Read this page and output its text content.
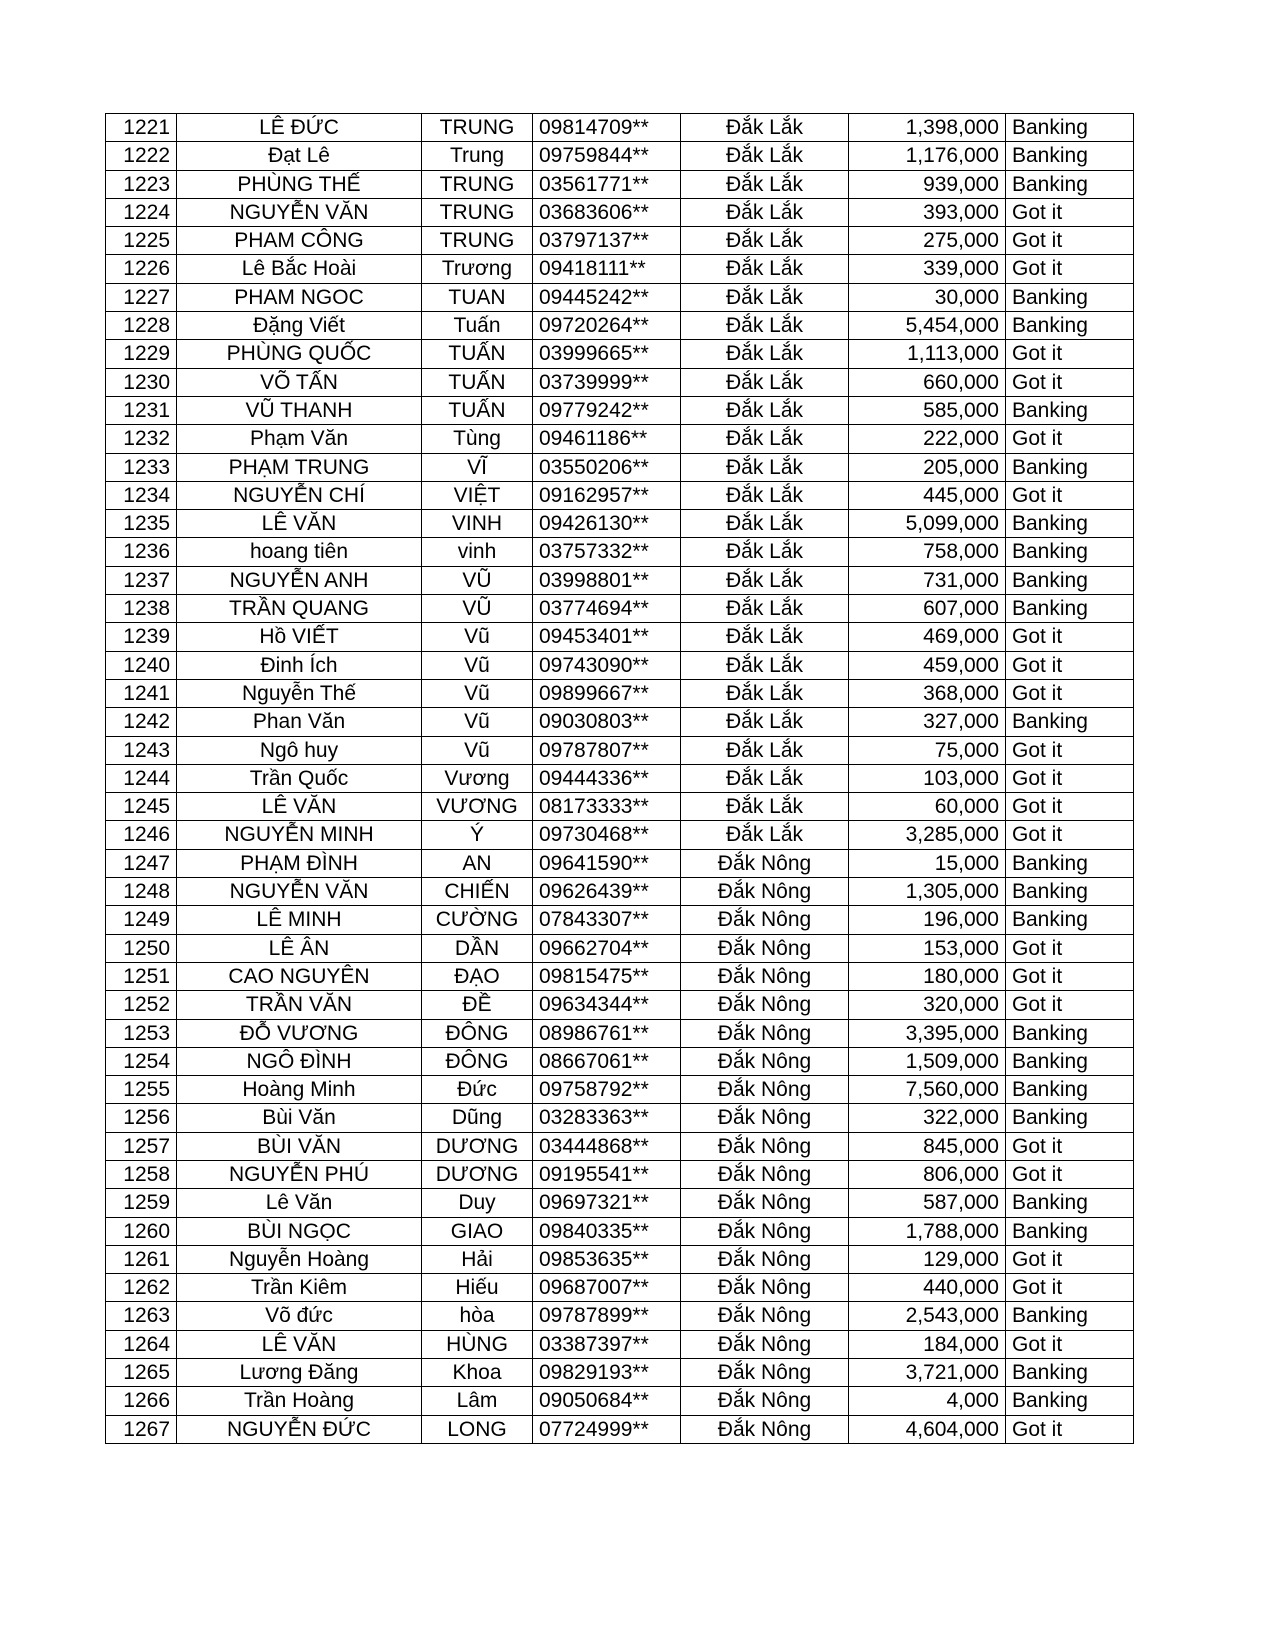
1221	LÊ ĐỨC	TRUNG	09814709**	Đắk Lắk	1,398,000	Banking
1222	Đạt Lê	Trung	09759844**	Đắk Lắk	1,176,000	Banking
1223	PHÙNG THẾ	TRUNG	03561771**	Đắk Lắk	939,000	Banking
1224	NGUYỄN VĂN	TRUNG	03683606**	Đắk Lắk	393,000	Got it
1225	PHAM CÔNG	TRUNG	03797137**	Đắk Lắk	275,000	Got it
1226	Lê Bắc Hoài	Trương	09418111**	Đắk Lắk	339,000	Got it
1227	PHAM NGOC	TUAN	09445242**	Đắk Lắk	30,000	Banking
1228	Đặng Viết	Tuấn	09720264**	Đắk Lắk	5,454,000	Banking
1229	PHÙNG QUỐC	TUẤN	03999665**	Đắk Lắk	1,113,000	Got it
1230	VÕ TẤN	TUẤN	03739999**	Đắk Lắk	660,000	Got it
1231	VŨ THANH	TUẤN	09779242**	Đắk Lắk	585,000	Banking
1232	Phạm Văn	Tùng	09461186**	Đắk Lắk	222,000	Got it
1233	PHẠM TRUNG	VĨ	03550206**	Đắk Lắk	205,000	Banking
1234	NGUYỄN CHÍ	VIỆT	09162957**	Đắk Lắk	445,000	Got it
1235	LÊ VĂN	VINH	09426130**	Đắk Lắk	5,099,000	Banking
1236	hoang tiên	vinh	03757332**	Đắk Lắk	758,000	Banking
1237	NGUYỄN ANH	VŨ	03998801**	Đắk Lắk	731,000	Banking
1238	TRẦN QUANG	VŨ	03774694**	Đắk Lắk	607,000	Banking
1239	Hồ VIẾT	Vũ	09453401**	Đắk Lắk	469,000	Got it
1240	Đinh Ích	Vũ	09743090**	Đắk Lắk	459,000	Got it
1241	Nguyễn Thế	Vũ	09899667**	Đắk Lắk	368,000	Got it
1242	Phan Văn	Vũ	09030803**	Đắk Lắk	327,000	Banking
1243	Ngô huy	Vũ	09787807**	Đắk Lắk	75,000	Got it
1244	Trần Quốc	Vương	09444336**	Đắk Lắk	103,000	Got it
1245	LÊ VĂN	VƯƠNG	08173333**	Đắk Lắk	60,000	Got it
1246	NGUYỄN MINH	Ý	09730468**	Đắk Lắk	3,285,000	Got it
1247	PHẠM ĐÌNH	AN	09641590**	Đắk Nông	15,000	Banking
1248	NGUYỄN VĂN	CHIẾN	09626439**	Đắk Nông	1,305,000	Banking
1249	LÊ MINH	CƯỜNG	07843307**	Đắk Nông	196,000	Banking
1250	LÊ ÂN	DẦN	09662704**	Đắk Nông	153,000	Got it
1251	CAO NGUYÊN	ĐẠO	09815475**	Đắk Nông	180,000	Got it
1252	TRẦN VĂN	ĐỀ	09634344**	Đắk Nông	320,000	Got it
1253	ĐỖ VƯƠNG	ĐÔNG	08986761**	Đắk Nông	3,395,000	Banking
1254	NGÔ ĐÌNH	ĐÔNG	08667061**	Đắk Nông	1,509,000	Banking
1255	Hoàng Minh	Đức	09758792**	Đắk Nông	7,560,000	Banking
1256	Bùi Văn	Dũng	03283363**	Đắk Nông	322,000	Banking
1257	BÙI VĂN	DƯƠNG	03444868**	Đắk Nông	845,000	Got it
1258	NGUYỄN PHÚ	DƯƠNG	09195541**	Đắk Nông	806,000	Got it
1259	Lê Văn	Duy	09697321**	Đắk Nông	587,000	Banking
1260	BÙI NGỌC	GIAO	09840335**	Đắk Nông	1,788,000	Banking
1261	Nguyễn Hoàng	Hải	09853635**	Đắk Nông	129,000	Got it
1262	Trần Kiêm	Hiếu	09687007**	Đắk Nông	440,000	Got it
1263	Võ đức	hòa	09787899**	Đắk Nông	2,543,000	Banking
1264	LÊ VĂN	HÙNG	03387397**	Đắk Nông	184,000	Got it
1265	Lương Đăng	Khoa	09829193**	Đắk Nông	3,721,000	Banking
1266	Trần Hoàng	Lâm	09050684**	Đắk Nông	4,000	Banking
1267	NGUYỄN ĐỨC	LONG	07724999**	Đắk Nông	4,604,000	Got it
